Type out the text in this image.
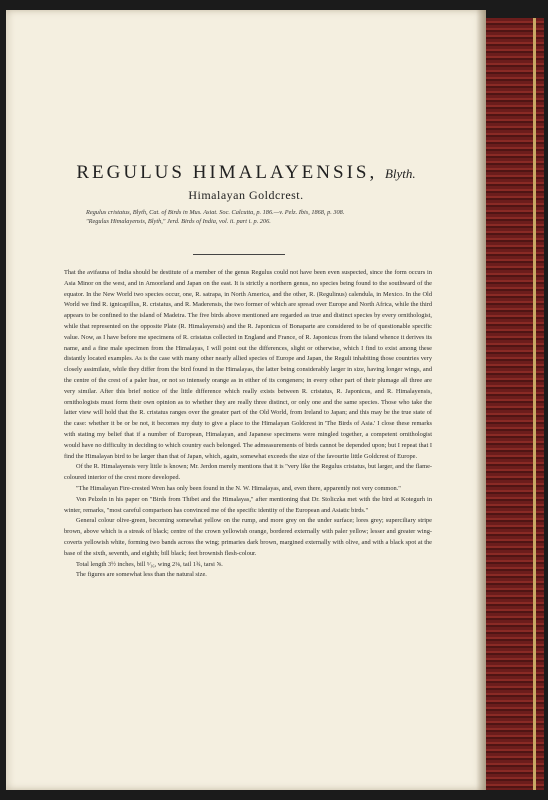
REGULUS HIMALAYENSIS, Blyth.
Himalayan Goldcrest.
Regulus cristatus, Blyth, Cat. of Birds in Mus. Asiat. Soc. Calcutta, p. 186.—v. Pelz. Ibis, 1868, p. 308.
"Regulus Himalayensis, Blyth," Jerd. Birds of India, vol. ii. part i. p. 206.

That the avifauna of India should be destitute of a member of the genus Regulus could not have been even suspected, since the form occurs in Asia Minor on the west, and in Amoorland and Japan on the east. It is strictly a northern genus, no species being found to the southward of the equator. In the New World two species occur, one, R. satrapa, in North America, and the other, R. (Regulinus) calendula, in Mexico. In the Old World we find R. ignicapillus, R. cristatus, and R. Maderensis, the two former of which are spread over Europe and North Africa, while the third appears to be confined to the island of Madeira. The five birds above mentioned are regarded as true and distinct species by every ornithologist, while that represented on the opposite Plate (R. Himalayensis) and the R. Japonicus of Bonaparte are considered to be of questionable specific value. Now, as I have before me specimens of R. cristatus collected in England and France, of R. Japonicus from the island whence it derives its name, and a fine male specimen from the Himalayas, I will point out the differences, slight or otherwise, which I find to exist among these distantly located examples. As is the case with many other nearly allied species of Europe and Japan, the Reguli inhabiting those countries very closely assimilate, while they differ from the bird found in the Himalayas, the latter being considerably larger in size, having longer wings, and the centre of the crest of a paler hue, or not so intensely orange as in either of its congeners; in every other part of their plumage all three are very similar. After this brief notice of the little difference which really exists between R. cristatus, R. Japonicus, and R. Himalayensis, ornithologists must form their own opinion as to whether they are really three distinct, or only one and the same species. Those who take the latter view will hold that the R. cristatus ranges over the greater part of the Old World, from Ireland to Japan; and this may be the true state of the case: whether it be or be not, it becomes my duty to give a place to the Himalayan Goldcrest in 'The Birds of Asia.' I close these remarks with stating my belief that if a number of European, Himalayan, and Japanese specimens were mingled together, a competent ornithologist would have no difficulty in deciding to which country each belonged. The admeasurements of birds cannot be depended upon; but I repeat that I find the Himalayan bird to be larger than that of Japan, which, again, somewhat exceeds the size of the favourite little Goldcrest of Europe.

Of the R. Himalayensis very little is known; Mr. Jerdon merely mentions that it is "very like the Regulus cristatus, but larger, and the flame-coloured interior of the crest more developed.

"The Himalayan Fire-crested Wren has only been found in the N. W. Himalayas, and, even there, apparently not very common."

Von Pelzeln in his paper on "Birds from Thibet and the Himalayas," after mentioning that Dr. Stoliczka met with the bird at Kotegurh in winter, remarks, "most careful comparison has convinced me of the specific identity of the European and Asiatic birds."

General colour olive-green, becoming somewhat yellow on the rump, and more grey on the under surface; lores grey; superciliary stripe brown, above which is a streak of black; centre of the crown yellowish orange, bordered externally with paler yellow; lesser and greater wing-coverts yellowish white, forming two bands across the wing; primaries dark brown, margined externally with olive, and with a black spot at the base of the sixth, seventh, and eighth; bill black; feet brownish flesh-colour.

Total length 3½ inches, bill ⁵⁄₁₆, wing 2⅛, tail 1¾, tarsi ⅝.

The figures are somewhat less than the natural size.
